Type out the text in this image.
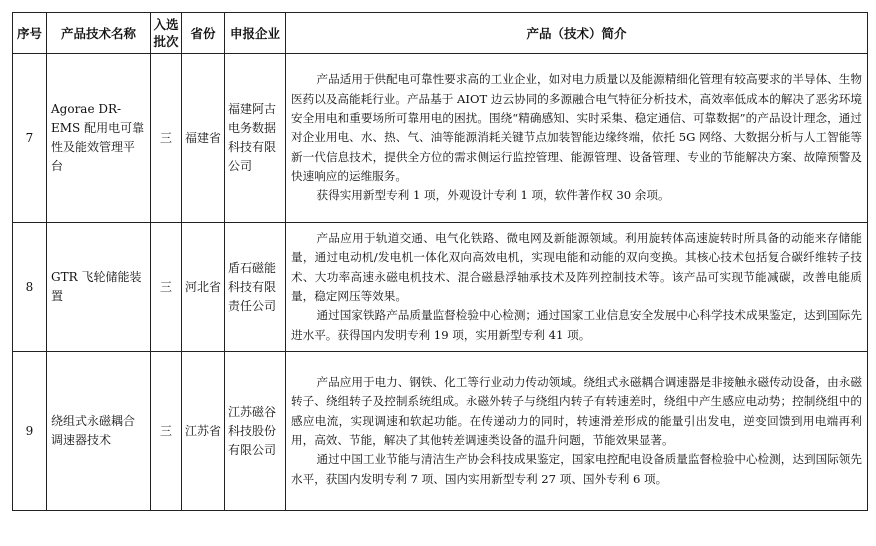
序号	产品技术名称	入选批次	省份	申报企业	产品（技术）简介
7	Agorae DR-EMS 配用电可靠性及能效管理平台	三	福建省	福建阿古电务数据科技有限公司	产品适用于供配电可靠性要求高的工业企业，如对电力质量以及能源精细化管理有较高要求的半导体、生物医药以及高能耗行业。产品基于 AIOT 边云协同的多源融合电气特征分析技术，高效率低成本的解决了恶劣环境安全用电和重要场所可靠用电的困扰。围绕“精确感知、实时采集、稳定通信、可靠数据”的产品设计理念，通过对企业用电、水、热、气、油等能源消耗关键节点加装智能边缘终端，依托 5G 网络、大数据分析与人工智能等新一代信息技术，提供全方位的需求侧运行监控管理、能源管理、设备管理、专业的节能解决方案、故障预警及快速响应的运维服务。

获得实用新型专利 1 项，外观设计专利 1 项，软件著作权 30 余项。

8	GTR 飞轮储能装置	三	河北省	盾石磁能科技有限责任公司	产品应用于轨道交通、电气化铁路、微电网及新能源领域。利用旋转体高速旋转时所具备的动能来存储能量，通过电动机/发电机一体化双向高效电机，实现电能和动能的双向变换。其核心技术包括复合碳纤维转子技术、大功率高速永磁电机技术、混合磁悬浮轴承技术及阵列控制技术等。该产品可实现节能减碳，改善电能质量，稳定网压等效果。

通过国家铁路产品质量监督检验中心检测；通过国家工业信息安全发展中心科学技术成果鉴定，达到国际先进水平。获得国内发明专利 19 项，实用新型专利 41 项。

9	绕组式永磁耦合调速器技术	三	江苏省	江苏磁谷科技股份有限公司	产品应用于电力、钢铁、化工等行业动力传动领域。绕组式永磁耦合调速器是非接触永磁传动设备，由永磁转子、绕组转子及控制系统组成。永磁外转子与绕组内转子有转速差时，绕组中产生感应电动势；控制绕组中的感应电流，实现调速和软起功能。在传递动力的同时，转速滑差形成的能量引出发电，逆变回馈到用电端再利用，高效、节能，解决了其他转差调速类设备的温升问题，节能效果显著。

通过中国工业节能与清洁生产协会科技成果鉴定，国家电控配电设备质量监督检验中心检测，达到国际领先水平，获国内发明专利 7 项、国内实用新型专利 27 项、国外专利 6 项。
